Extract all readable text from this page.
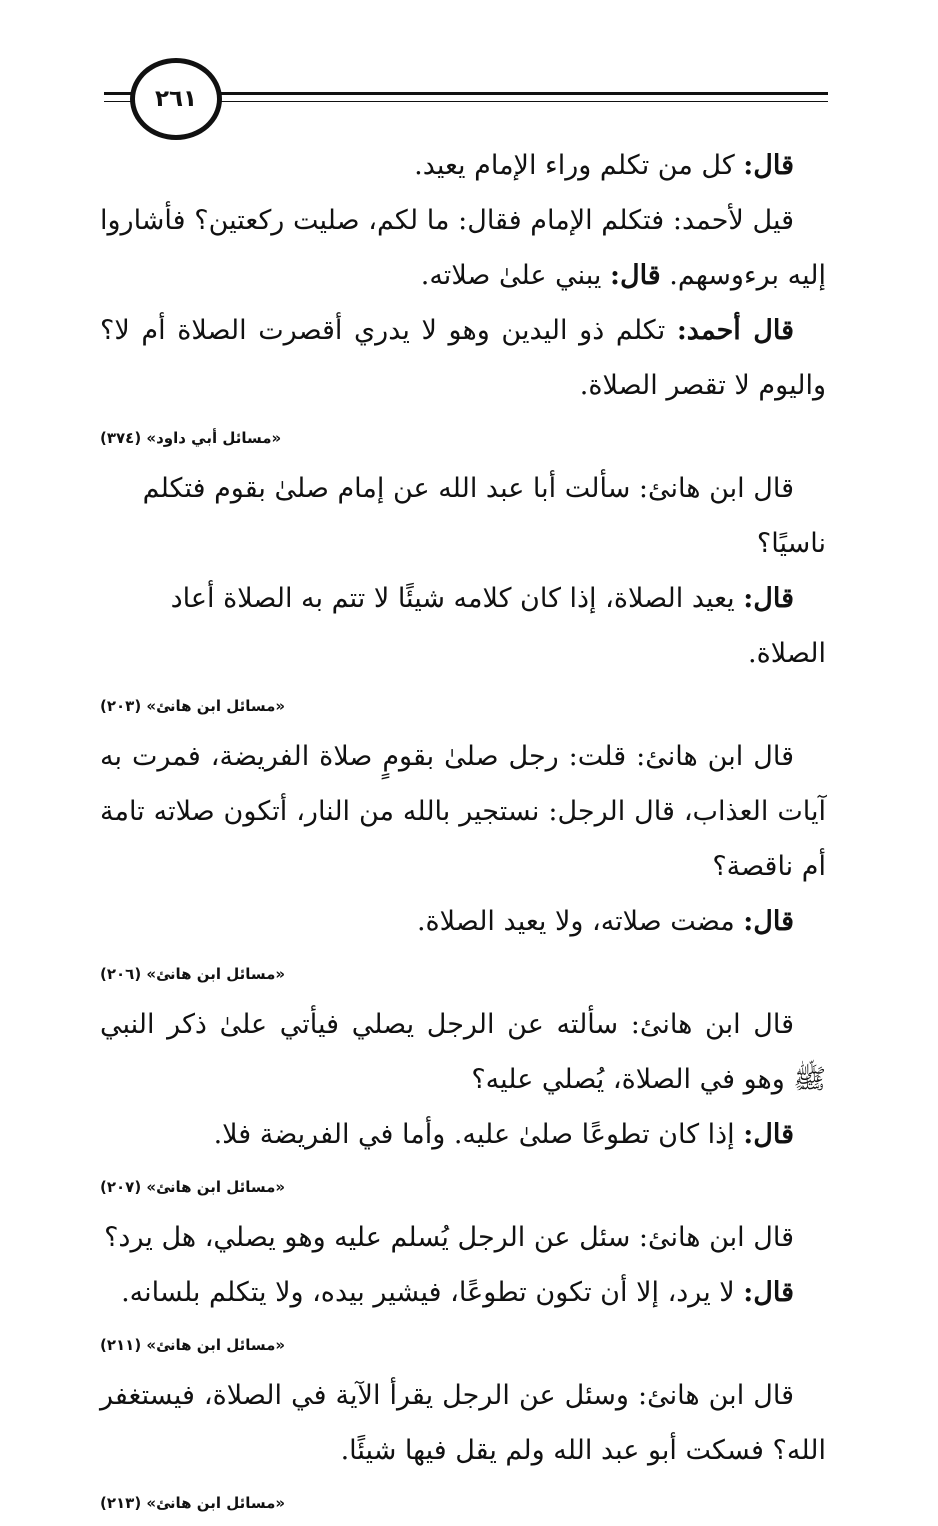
٢٦١

قال: كل من تكلم وراء الإمام يعيد.

قيل لأحمد: فتكلم الإمام فقال: ما لكم، صليت ركعتين؟ فأشاروا إليه برءوسهم. قال: يبني علىٰ صلاته.

قال أحمد: تكلم ذو اليدين وهو لا يدري أقصرت الصلاة أم لا؟ واليوم لا تقصر الصلاة.

«مسائل أبي داود» (٣٧٤)

قال ابن هانئ: سألت أبا عبد الله عن إمام صلىٰ بقوم فتكلم ناسيًا؟

قال: يعيد الصلاة، إذا كان كلامه شيئًا لا تتم به الصلاة أعاد الصلاة.

«مسائل ابن هانئ» (٢٠٣)

قال ابن هانئ: قلت: رجل صلىٰ بقومٍ صلاة الفريضة، فمرت به آيات العذاب، قال الرجل: نستجير بالله من النار، أتكون صلاته تامة أم ناقصة؟

قال: مضت صلاته، ولا يعيد الصلاة.

«مسائل ابن هانئ» (٢٠٦)

قال ابن هانئ: سألته عن الرجل يصلي فيأتي علىٰ ذكر النبي ﷺ وهو في الصلاة، يُصلي عليه؟

قال: إذا كان تطوعًا صلىٰ عليه. وأما في الفريضة فلا.

«مسائل ابن هانئ» (٢٠٧)

قال ابن هانئ: سئل عن الرجل يُسلم عليه وهو يصلي، هل يرد؟

قال: لا يرد، إلا أن تكون تطوعًا، فيشير بيده، ولا يتكلم بلسانه.

«مسائل ابن هانئ» (٢١١)

قال ابن هانئ: وسئل عن الرجل يقرأ الآية في الصلاة، فيستغفر الله؟ فسكت أبو عبد الله ولم يقل فيها شيئًا.

«مسائل ابن هانئ» (٢١٣)
